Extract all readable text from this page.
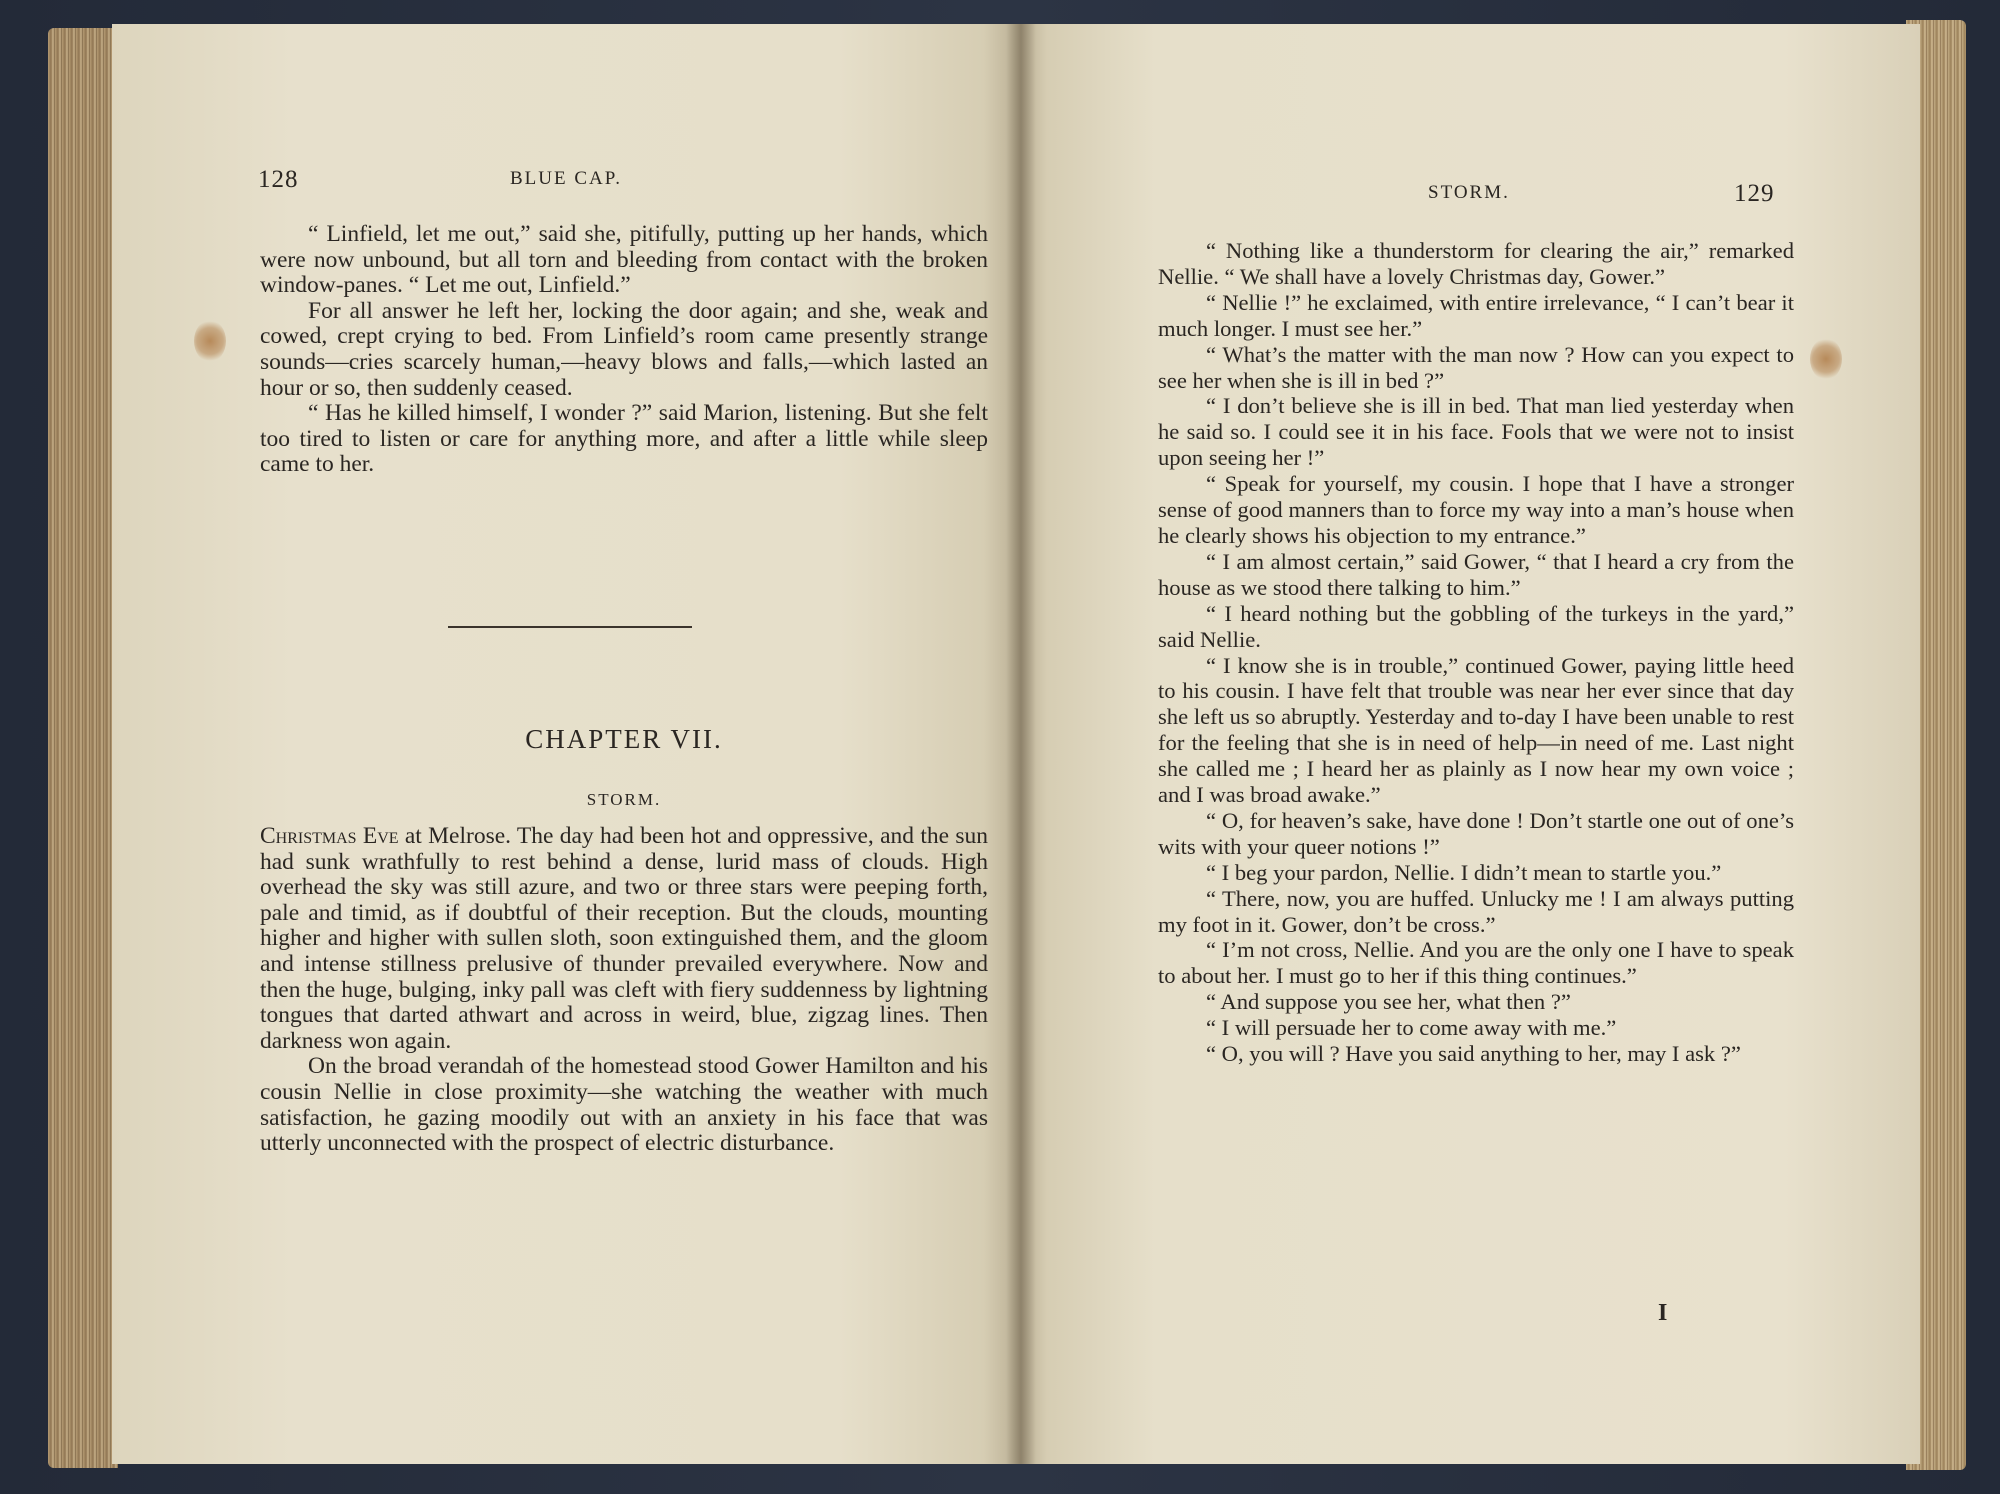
128	BLUE CAP.

“ Linfield, let me out,” said she, pitifully, putting up her hands, which were now unbound, but all torn and bleeding from contact with the broken window-panes. “ Let me out, Linfield.”

For all answer he left her, locking the door again; and she, weak and cowed, crept crying to bed. From Linfield’s room came presently strange sounds—cries scarcely human,—heavy blows and falls,—which lasted an hour or so, then suddenly ceased.

“ Has he killed himself, I wonder ?” said Marion, listening. But she felt too tired to listen or care for anything more, and after a little while sleep came to her.

CHAPTER VII.
STORM.

Christmas Eve at Melrose. The day had been hot and oppressive, and the sun had sunk wrathfully to rest behind a dense, lurid mass of clouds. High overhead the sky was still azure, and two or three stars were peeping forth, pale and timid, as if doubtful of their reception. But the clouds, mounting higher and higher with sullen sloth, soon extinguished them, and the gloom and intense stillness prelusive of thunder prevailed everywhere. Now and then the huge, bulging, inky pall was cleft with fiery suddenness by lightning tongues that darted athwart and across in weird, blue, zigzag lines. Then darkness won again.

On the broad verandah of the homestead stood Gower Hamilton and his cousin Nellie in close proximity—she watching the weather with much satisfaction, he gazing moodily out with an anxiety in his face that was utterly unconnected with the prospect of electric disturbance.

STORM.	129

“ Nothing like a thunderstorm for clearing the air,” remarked Nellie. “ We shall have a lovely Christmas day, Gower.”

“ Nellie !” he exclaimed, with entire irrelevance, “ I can’t bear it much longer. I must see her.”

“ What’s the matter with the man now ? How can you expect to see her when she is ill in bed ?”

“ I don’t believe she is ill in bed. That man lied yesterday when he said so. I could see it in his face. Fools that we were not to insist upon seeing her !”

“ Speak for yourself, my cousin. I hope that I have a stronger sense of good manners than to force my way into a man’s house when he clearly shows his objection to my entrance.”

“ I am almost certain,” said Gower, “ that I heard a cry from the house as we stood there talking to him.”

“ I heard nothing but the gobbling of the turkeys in the yard,” said Nellie.

“ I know she is in trouble,” continued Gower, paying little heed to his cousin. I have felt that trouble was near her ever since that day she left us so abruptly. Yesterday and to-day I have been unable to rest for the feeling that she is in need of help—in need of me. Last night she called me ; I heard her as plainly as I now hear my own voice ; and I was broad awake.”

“ O, for heaven’s sake, have done ! Don’t startle one out of one’s wits with your queer notions !”

“ I beg your pardon, Nellie. I didn’t mean to startle you.”

“ There, now, you are huffed. Unlucky me ! I am always putting my foot in it. Gower, don’t be cross.”

“ I’m not cross, Nellie. And you are the only one I have to speak to about her. I must go to her if this thing continues.”

“ And suppose you see her, what then ?”

“ I will persuade her to come away with me.”

“ O, you will ? Have you said anything to her, may I ask ?”

I
